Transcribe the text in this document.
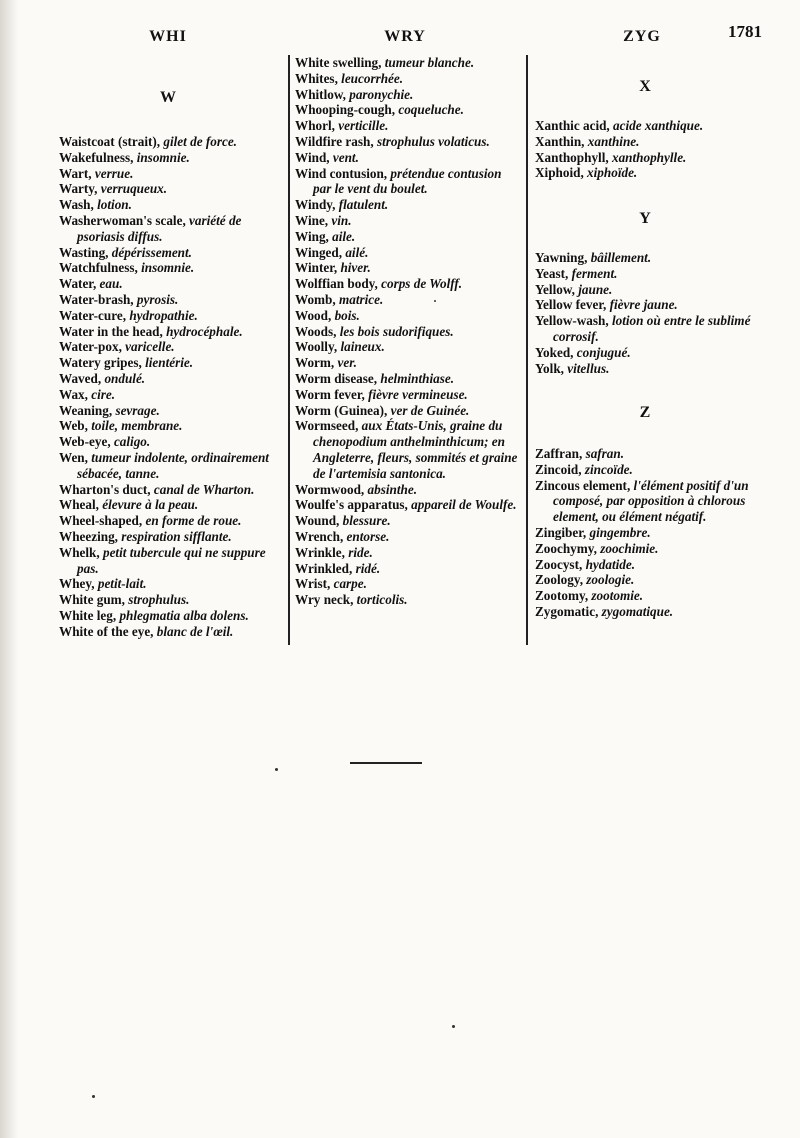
1781
WHI	WRY	ZYG
W
X
Y
Z
Waistcoat (strait), gilet de force.
Wakefulness, insomnie.
Wart, verrue.
Warty, verruqueux.
Wash, lotion.
Washerwoman's scale, variété de psoriasis diffus.
Wasting, dépérissement.
Watchfulness, insomnie.
Water, eau.
Water-brash, pyrosis.
Water-cure, hydropathie.
Water in the head, hydrocéphale.
Water-pox, varicelle.
Watery gripes, lientérie.
Waved, ondulé.
Wax, cire.
Weaning, sevrage.
Web, toile, membrane.
Web-eye, caligo.
Wen, tumeur indolente, ordinairement sébacée, tanne.
Wharton's duct, canal de Wharton.
Wheal, élevure à la peau.
Wheel-shaped, en forme de roue.
Wheezing, respiration sifflante.
Whelk, petit tubercule qui ne suppure pas.
Whey, petit-lait.
White gum, strophulus.
White leg, phlegmatia alba dolens.
White of the eye, blanc de l'œil.
White swelling, tumeur blanche.
Whites, leucorrhée.
Whitlow, paronychie.
Whooping-cough, coqueluche.
Whorl, verticille.
Wildfire rash, strophulus volaticus.
Wind, vent.
Wind contusion, prétendue contusion par le vent du boulet.
Windy, flatulent.
Wine, vin.
Wing, aile.
Winged, ailé.
Winter, hiver.
Wolffian body, corps de Wolff.
Womb, matrice.
Wood, bois.
Woods, les bois sudorifiques.
Woolly, laineux.
Worm, ver.
Worm disease, helminthiase.
Worm fever, fièvre vermineuse.
Worm (Guinea), ver de Guinée.
Wormseed, aux États-Unis, graine du chenopodium anthelminthicum; en Angleterre, fleurs, sommités et graine de l'artemisia santonica.
Wormwood, absinthe.
Woulfe's apparatus, appareil de Woulfe.
Wound, blessure.
Wrench, entorse.
Wrinkle, ride.
Wrinkled, ridé.
Wrist, carpe.
Wry neck, torticolis.
Xanthic acid, acide xanthique.
Xanthin, xanthine.
Xanthophyll, xanthophylle.
Xiphoid, xiphoïde.
Yawning, bâillement.
Yeast, ferment.
Yellow, jaune.
Yellow fever, fièvre jaune.
Yellow-wash, lotion où entre le sublimé corrosif.
Yoked, conjugué.
Yolk, vitellus.
Zaffran, safran.
Zincoid, zincoïde.
Zincous element, l'élément positif d'un composé, par opposition à chlorous element, ou élément négatif.
Zingiber, gingembre.
Zoochymy, zoochimie.
Zoocyst, hydatide.
Zoology, zoologie.
Zootomy, zootomie.
Zygomatic, zygomatique.
